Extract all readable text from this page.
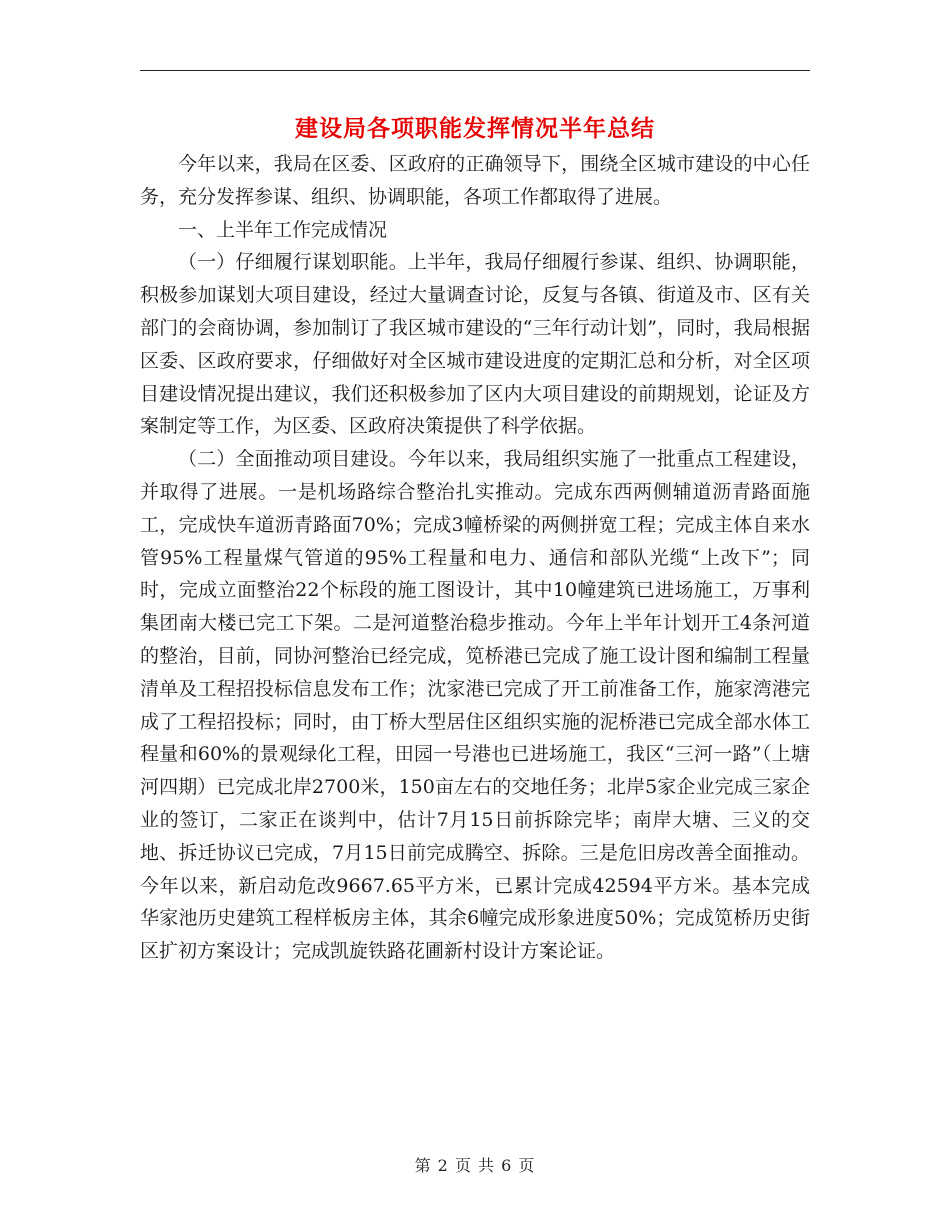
建设局各项职能发挥情况半年总结

今年以来，我局在区委、区政府的正确领导下，围绕全区城市建设的中心任务，充分发挥参谋、组织、协调职能，各项工作都取得了进展。

一、上半年工作完成情况

（一）仔细履行谋划职能。上半年，我局仔细履行参谋、组织、协调职能，积极参加谋划大项目建设，经过大量调查讨论，反复与各镇、街道及市、区有关部门的会商协调，参加制订了我区城市建设的“三年行动计划”，同时，我局根据区委、区政府要求，仔细做好对全区城市建设进度的定期汇总和分析，对全区项目建设情况提出建议，我们还积极参加了区内大项目建设的前期规划，论证及方案制定等工作，为区委、区政府决策提供了科学依据。

（二）全面推动项目建设。今年以来，我局组织实施了一批重点工程建设，并取得了进展。一是机场路综合整治扎实推动。完成东西两侧辅道沥青路面施工，完成快车道沥青路面70%；完成3幢桥梁的两侧拼宽工程；完成主体自来水管95%工程量煤气管道的95%工程量和电力、通信和部队光缆“上改下”；同时，完成立面整治22个标段的施工图设计，其中10幢建筑已进场施工，万事利集团南大楼已完工下架。二是河道整治稳步推动。今年上半年计划开工4条河道的整治，目前，同协河整治已经完成，笕桥港已完成了施工设计图和编制工程量清单及工程招投标信息发布工作；沈家港已完成了开工前准备工作，施家湾港完成了工程招投标；同时，由丁桥大型居住区组织实施的泥桥港已完成全部水体工程量和60%的景观绿化工程，田园一号港也已进场施工，我区“三河一路”（上塘河四期）已完成北岸2700米，150亩左右的交地任务；北岸5家企业完成三家企业的签订，二家正在谈判中，估计7月15日前拆除完毕；南岸大塘、三义的交地、拆迁协议已完成，7月15日前完成腾空、拆除。三是危旧房改善全面推动。今年以来，新启动危改9667.65平方米，已累计完成42594平方米。基本完成华家池历史建筑工程样板房主体，其余6幢完成形象进度50%；完成笕桥历史街区扩初方案设计；完成凯旋铁路花圃新村设计方案论证。

第 2 页 共 6 页
